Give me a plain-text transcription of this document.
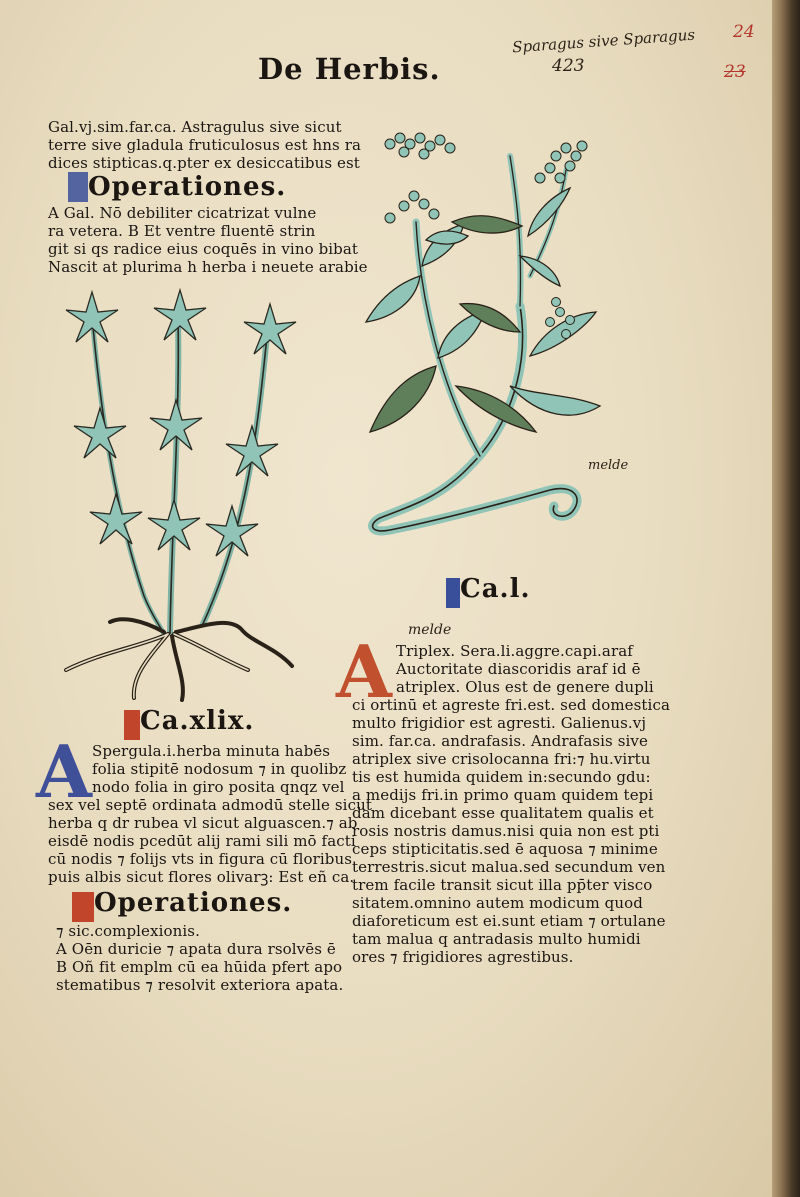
De Herbis.
Sparagus sive Sparagus
423
24
23
Gal.vj.sim.far.ca. Astragulus sive sicut
terre sive gladula fruticulosus est hns ra
dices stipticas.q.pter ex desiccatibus est
Operationes.
A Gal. Nō debiliter cicatrizat vulne
ra vetera. B Et ventre fluentē strin
git si qs radice eius coquēs in vino bibat
Nascit at plurima h herba i neuete arabie
Ca.xlix.
A Spergula.i.herba minuta habēs
folia stipitē nodosum ⁊ in quolibz
nodo folia in giro posita qnqz vel
sex vel septē ordinata admodū stelle sicut
herba q dr rubea vl sicut alguascen.⁊ ab
eisdē nodis pcedūt alij rami sili mō facti
cū nodis ⁊ folijs vts in figura cū floribus
puis albis sicut flores olivarꝫ: Est eñ ca.
Operationes.
⁊ sic.complexionis.
A Oēn duricie ⁊ apata dura rsolvēs ē
B Oñ fit emplm cū ea hūida pfert apo
stematibus ⁊ resolvit exteriora apata.
melde
Ca.l.
melde
A Triplex. Sera.li.aggre.capi.araf
Auctoritate diascoridis araf id ē
atriplex. Olus est de genere dupli
ci ortinū et agreste fri.est. sed domestica
multo frigidior est agresti. Galienus.vj
sim. far.ca. andrafasis. Andrafasis sive
atriplex sive crisolocanna fri:⁊ hu.virtu
tis est humida quidem in:secundo gdu:
a medijs fri.in primo quam quidem tepi
dam dicebant esse qualitatem qualis et
rosis nostris damus.nisi quia non est pti
ceps stipticitatis.sed ē aquosa ⁊ minime
terrestris.sicut malua.sed secundum ven
trem facile transit sicut illa pp̄ter visco
sitatem.omnino autem modicum quod
diaforeticum est ei.sunt etiam ⁊ ortulane
tam malua q antradasis multo humidi
ores ⁊ frigidiores agrestibus.
